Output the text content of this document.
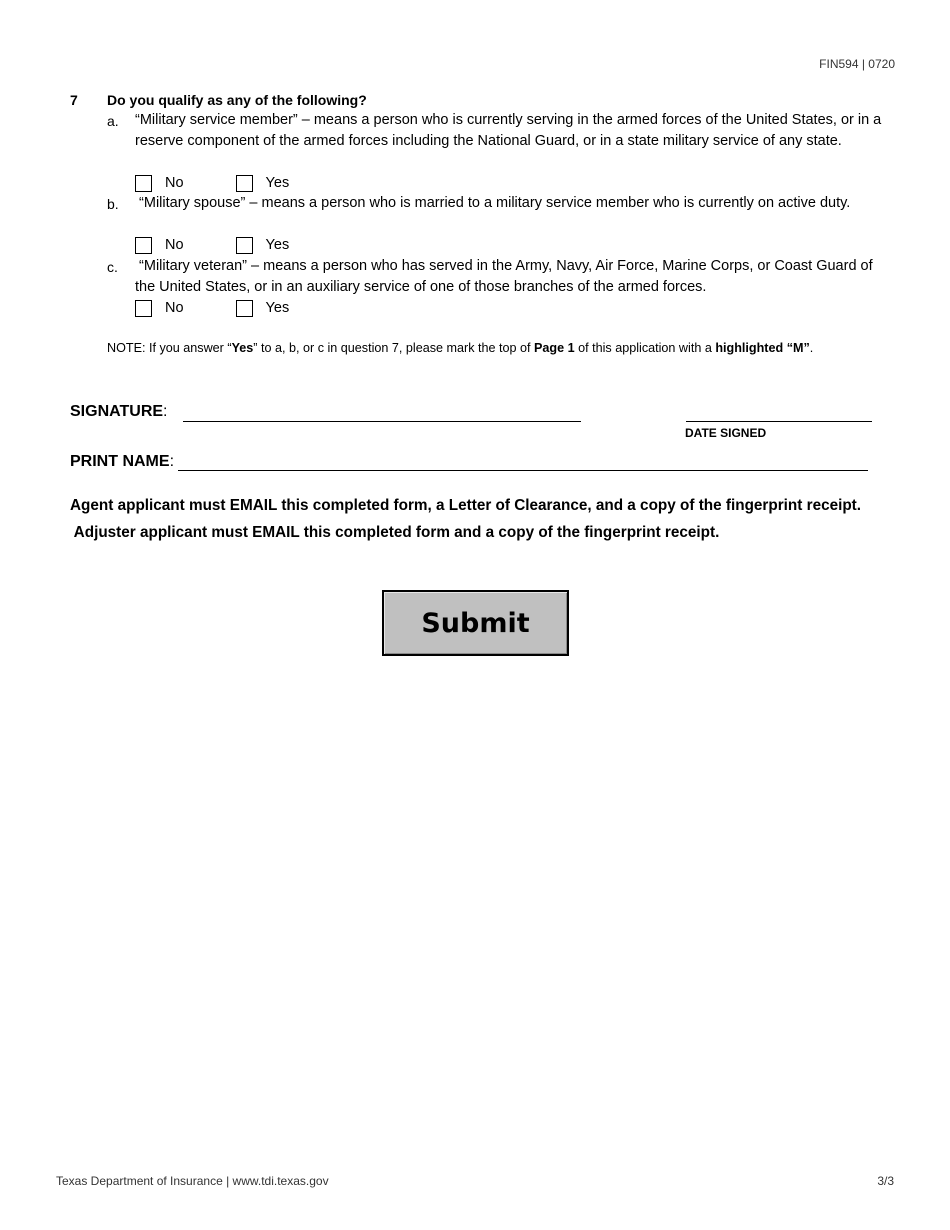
FIN594 | 0720
7 Do you qualify as any of the following?
a. “Military service member” – means a person who is currently serving in the armed forces of the United States, or in a reserve component of the armed forces including the National Guard, or in a state military service of any state.
No	Yes
b. “Military spouse” – means a person who is married to a military service member who is currently on active duty.
No	Yes
c. “Military veteran” – means a person who has served in the Army, Navy, Air Force, Marine Corps, or Coast Guard of  the United States, or in an auxiliary service of one of those branches of the armed forces.
No	Yes
NOTE: If you answer “Yes” to a, b, or c in question 7, please mark the top of Page 1 of this application with a highlighted “M”.
SIGNATURE:
DATE SIGNED
PRINT NAME:
Agent applicant must EMAIL this completed form, a Letter of Clearance, and a copy of the fingerprint receipt.
Adjuster applicant must EMAIL this completed form and a copy of the fingerprint receipt.
Submit
Texas Department of Insurance | www.tdi.texas.gov	3/3
